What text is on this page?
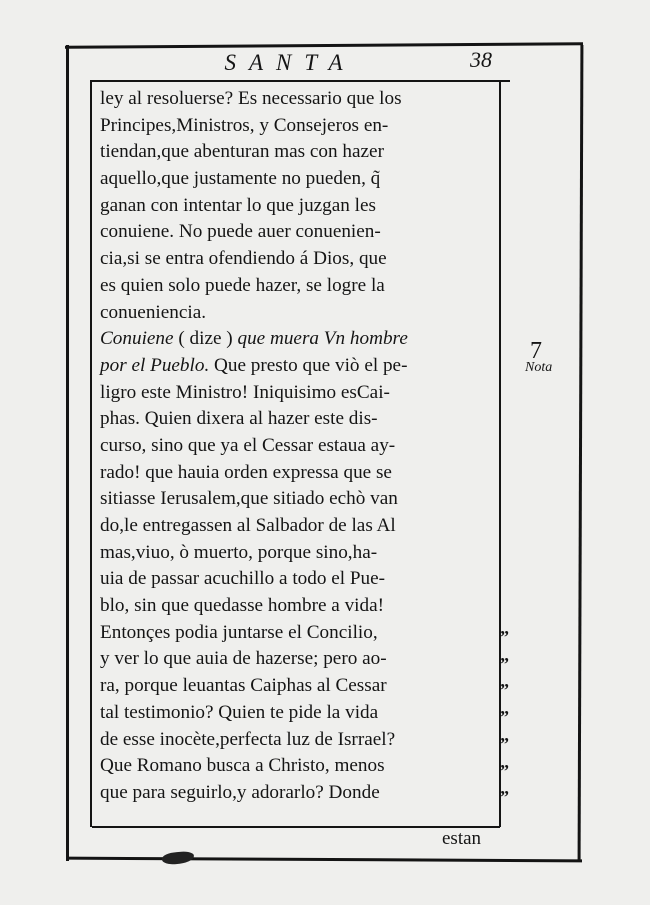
SANTA	38
ley al resoluerse? Es necessario que los
Principes,Ministros, y Consejeros en-
tiendan,que abenturan mas con hazer
aquello,que justamente no pueden, q̃
ganan con intentar lo que juzgan les
conuiene. No puede auer conuenien-
cia,si se entra ofendiendo á Dios, que
es quien solo puede hazer, se logre la
conueniencia.
Conuiene ( dize ) que muera Vn hombre
por el Pueblo. Que presto que viò el pe-
ligro este Ministro! Iniquisimo esCai-
phas. Quien dixera al hazer este dis-
curso, sino que ya el Cessar estaua ay-
rado! que hauia orden expressa que se
sitiasse Ierusalem,que sitiado echò van
do,le entregassen al Salbador de las Al
mas,viuo, ò muerto, porque sino,ha-
uia de passar acuchillo a todo el Pue-
blo, sin que quedasse hombre a vida!
Entonçes podia juntarse el Concilio,
y ver lo que auia de hazerse; pero ao-
ra, porque leuantas Caiphas al Cessar
tal testimonio? Quien te pide la vida
de esse inocète,perfecta luz de Isrrael?
Que Romano busca a Christo, menos
que para seguirlo,y adorarlo? Donde
7
Nota
”
”
”
”
”
”
”
estan
